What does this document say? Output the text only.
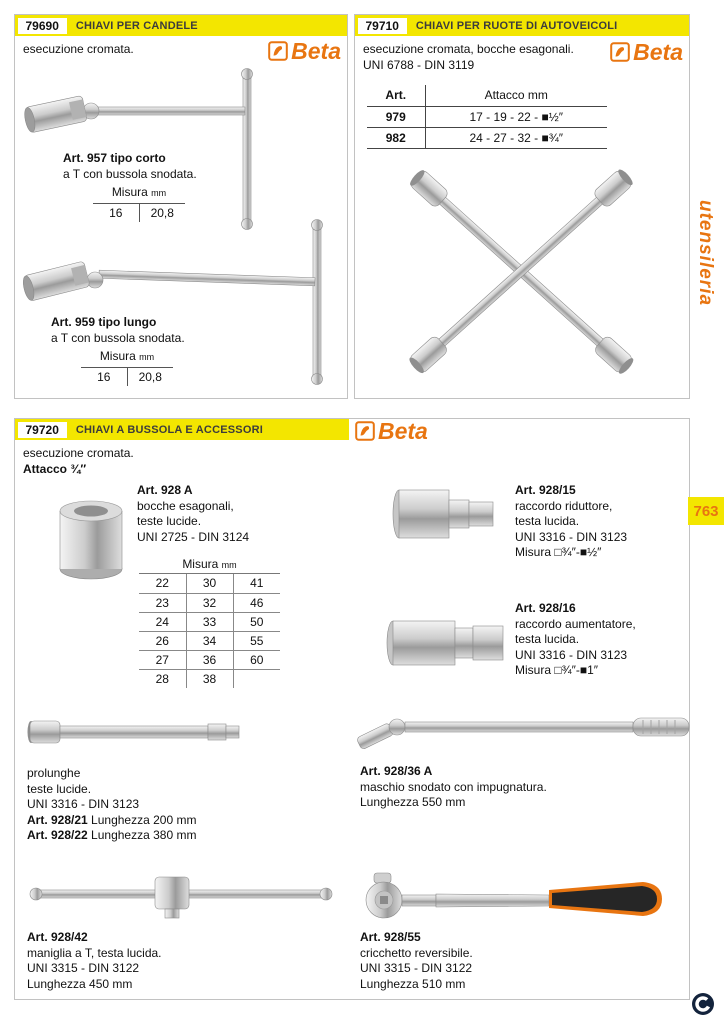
79690	CHIAVI PER CANDELE
esecuzione cromata.	Beta
Art. 957 tipo corto
a T con bussola snodata.
Misura mm
16	20,8
Art. 959 tipo lungo
a T con bussola snodata.
Misura mm
16	20,8
79710	CHIAVI PER RUOTE DI AUTOVEICOLI
esecuzione cromata, bocche esagonali.
UNI 6788 - DIN 3119	Beta
Art.	Attacco mm
979	17 - 19 - 22 - ■½″
982	24 - 27 - 32 - ■¾″
79720	CHIAVI A BUSSOLA E ACCESSORI	Beta
esecuzione cromata.
Attacco ¾″
Art. 928 A
bocche esagonali,
teste lucide.
UNI 2725 - DIN 3124
Misura mm
22	30	41
23	32	46
24	33	50
26	34	55
27	36	60
28	38	
prolunghe
teste lucide.
UNI 3316 - DIN 3123
Art. 928/21 Lunghezza 200 mm
Art. 928/22 Lunghezza 380 mm
Art. 928/42
maniglia a T, testa lucida.
UNI 3315 - DIN 3122
Lunghezza 450 mm
Art. 928/15
raccordo riduttore,
testa lucida.
UNI 3316 - DIN 3123
Misura □¾″-■½″
Art. 928/16
raccordo aumentatore,
testa lucida.
UNI 3316 - DIN 3123
Misura □¾″-■1″
Art. 928/36 A
maschio snodato con impugnatura.
Lunghezza 550 mm
Art. 928/55
cricchetto reversibile.
UNI 3315 - DIN 3122
Lunghezza 510 mm
utensileria
763
